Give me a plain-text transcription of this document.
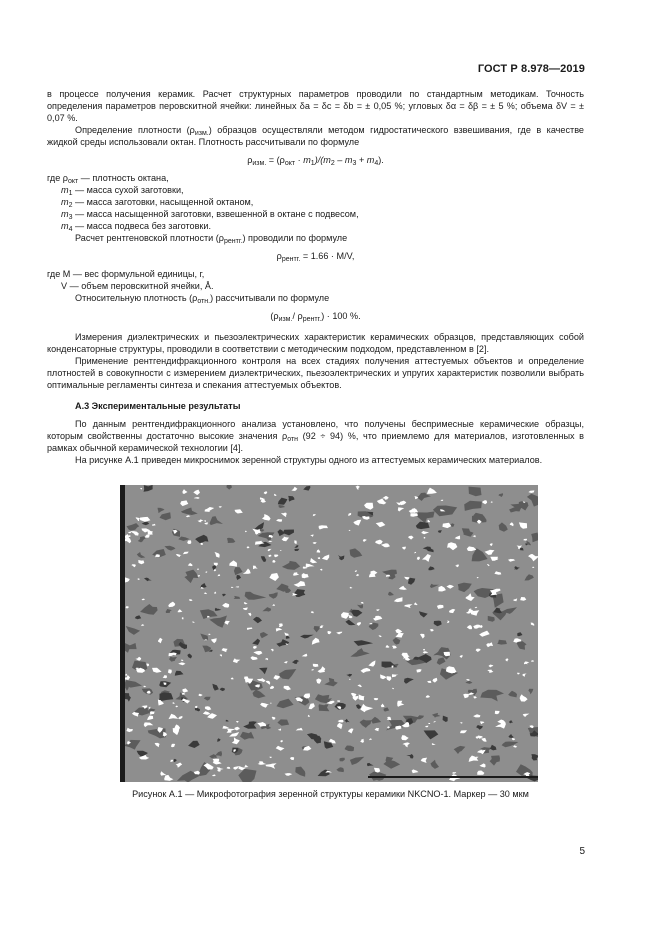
ГОСТ Р 8.978—2019

в процессе получения керамик. Расчет структурных параметров проводили по стандартным методикам. Точность определения параметров перовскитной ячейки: линейных δa = δc = δb = ± 0,05 %; угловых δα = δβ = ± 5 %; объема δV = ± 0,07 %.

Определение плотности $(\rho_{изм.})$ образцов осуществляли методом гидростатического взвешивания, где в качестве жидкой среды использовали октан. Плотность рассчитывали по формуле

$\rho_{изм.} = (\rho_{окт} \cdot m_1)/(m_2 - m_3 + m_4)$.

где $\rho_{окт}$ — плотность октана,

$m_1$ — масса сухой заготовки,

$m_2$ — масса заготовки, насыщенной октаном,

$m_3$ — масса насыщенной заготовки, взвешенной в октане с подвесом,

$m_4$ — масса подвеса без заготовки.

Расчет рентгеновской плотности $(\rho_{рентг.})$ проводили по формуле

$\rho_{рентг.} = 1.66 \cdot M/V$,

где M — вес формульной единицы, г,

V — объем перовскитной ячейки, Å.

Относительную плотность $(\rho_{отн.})$ рассчитывали по формуле

($\rho_{изм.}/$ $\rho_{рентг.}) \cdot 100$ %.

Измерения диэлектрических и пьезоэлектрических характеристик керамических образцов, представляющих собой конденсаторные структуры, проводили в соответствии с методическим подходом, представленном в [2].

Применение рентгендифракционного контроля на всех стадиях получения аттестуемых объектов и определение плотностей в совокупности с измерением диэлектрических, пьезоэлектрических и упругих характеристик позволили выбрать оптимальные регламенты синтеза и спекания аттестуемых объектов.

А.3 Экспериментальные результаты

По данным рентгендифракционного анализа установлено, что получены беспримесные керамические образцы, которым свойственны достаточно высокие значения $\rho_{отн}$ (92 ÷ 94) %, что приемлемо для материалов, изготовленных в рамках обычной керамической технологии [4].

На рисунке А.1 приведен микроснимок зеренной структуры одного из аттестуемых керамических материалов.

Рисунок А.1 — Микрофотография зеренной структуры керамики NKCNO-1. Маркер — 30 мкм
5
